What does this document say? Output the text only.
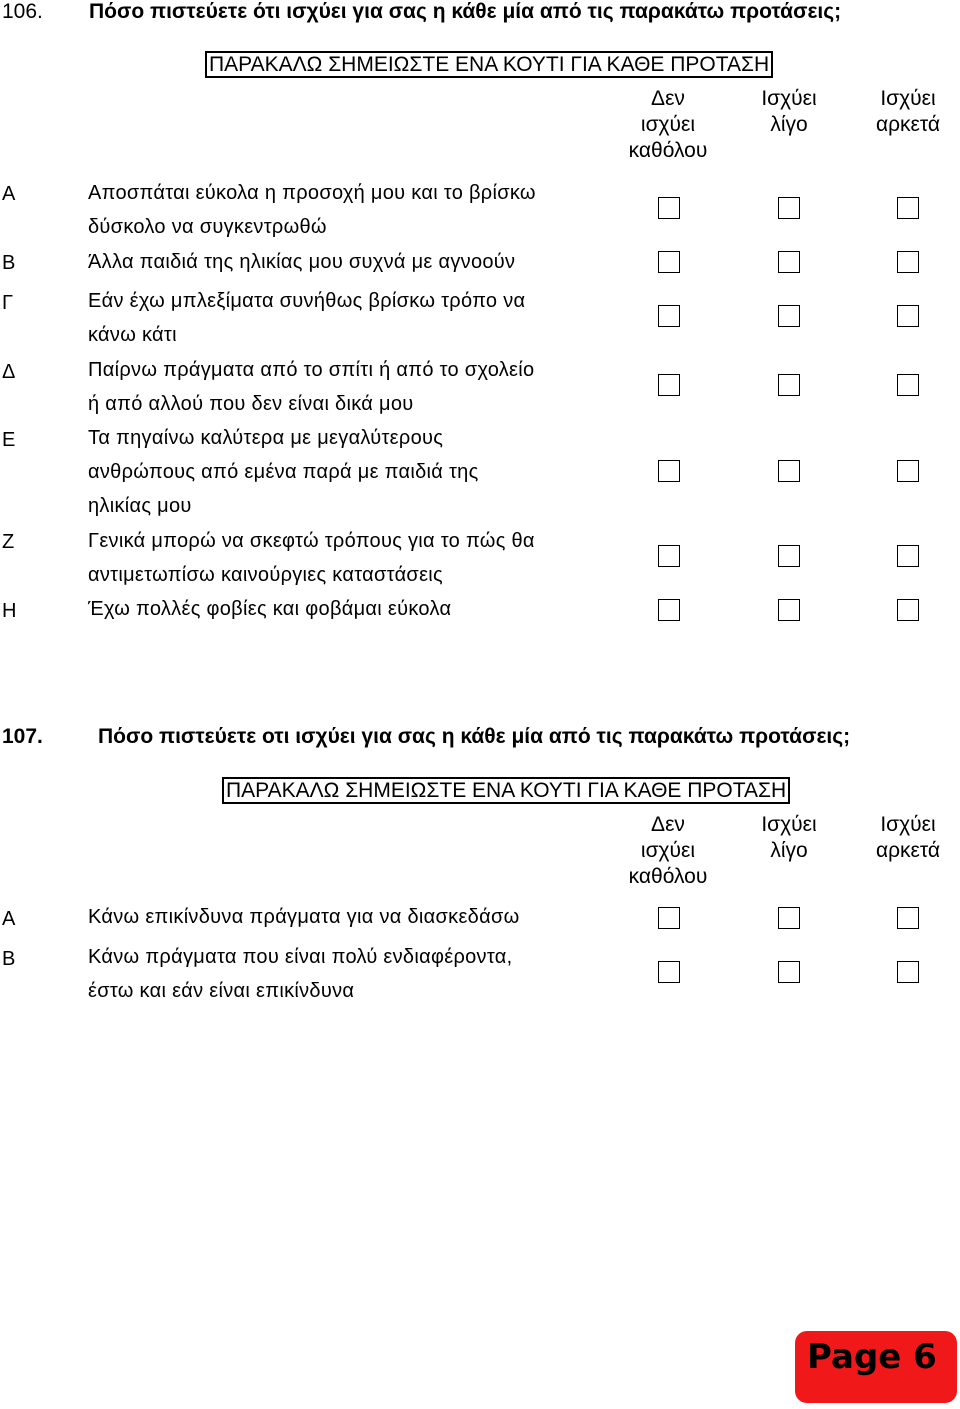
106. Πόσο πιστεύετε ότι ισχύει για σας η κάθε μία από τις παρακάτω προτάσεις;
ΠΑΡΑΚΑΛΩ ΣΗΜΕΙΩΣΤΕ ΕΝΑ ΚΟΥΤΙ ΓΙΑ ΚΑΘΕ ΠΡΟΤΑΣΗ
Δεν
ισχύει
καθόλου
Ισχύει
λίγο
Ισχύει
αρκετά
A	Αποσπάται εύκολα η προσοχή μου και το βρίσκω
δύσκολο να συγκεντρωθώ
B	Άλλα παιδιά της ηλικίας μου συχνά με αγνοούν
Γ	Εάν έχω μπλεξίματα συνήθως βρίσκω τρόπο να
κάνω κάτι
Δ	Παίρνω πράγματα από το σπίτι ή από το σχολείο
ή από αλλού που δεν είναι δικά μου
E	Τα πηγαίνω καλύτερα με μεγαλύτερους
ανθρώπους από εμένα παρά με παιδιά της
ηλικίας μου
Z	Γενικά μπορώ να σκεφτώ τρόπους για το πώς θα
αντιμετωπίσω καινούργιες καταστάσεις
H	Έχω πολλές φοβίες και φοβάμαι εύκολα
107.	Πόσο πιστεύετε οτι ισχύει για σας η κάθε μία από τις παρακάτω προτάσεις;
ΠΑΡΑΚΑΛΩ ΣΗΜΕΙΩΣΤΕ ΕΝΑ ΚΟΥΤΙ ΓΙΑ ΚΑΘΕ ΠΡΟΤΑΣΗ
Δεν
ισχύει
καθόλου
Ισχύει
λίγο
Ισχύει
αρκετά
A	Κάνω επικίνδυνα πράγματα για να διασκεδάσω
B	Κάνω πράγματα που είναι πολύ ενδιαφέροντα,
έστω και εάν είναι επικίνδυνα
Page 6
